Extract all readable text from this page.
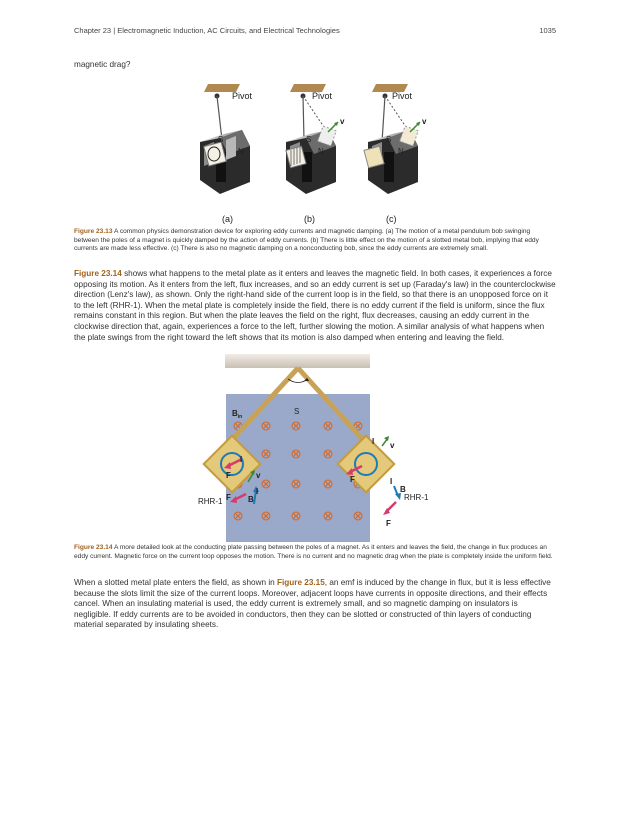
Chapter 23 | Electromagnetic Induction, AC Circuits, and Electrical Technologies	1035
magnetic drag?
Pivot
S
N
(a)
Pivot
S
N
v
(b)
Pivot
S
N
v
(c)
Figure 23.13 A common physics demonstration device for exploring eddy currents and magnetic damping. (a) The motion of a metal pendulum bob swinging between the poles of a magnet is quickly damped by the action of eddy currents. (b) There is little effect on the motion of a slotted metal bob, implying that eddy currents are made less effective. (c) There is also no magnetic damping on a nonconducting bob, since the eddy currents are extremely small.
Figure 23.14 shows what happens to the metal plate as it enters and leaves the magnetic field. In both cases, it experiences a force opposing its motion. As it enters from the left, flux increases, and so an eddy current is set up (Faraday's law) in the counterclockwise direction (Lenz's law), as shown. Only the right-hand side of the current loop is in the field, so that there is an unopposed force on it to the left (RHR-1). When the metal plate is completely inside the field, there is no eddy current if the field is uniform, since the flux remains constant in this region. But when the plate leaves the field on the right, flux decreases, causing an eddy current in the clockwise direction that, again, experiences a force to the left, further slowing the motion. A similar analysis of what happens when the plate swings from the right toward the left shows that its motion is also damped when entering and leaving the field.
$B_{in}$
S
I
F	v
I
F B
RHR-1
I v
F	I
B
RHR-1
F
Figure 23.14 A more detailed look at the conducting plate passing between the poles of a magnet. As it enters and leaves the field, the change in flux produces an eddy current. Magnetic force on the current loop opposes the motion. There is no current and no magnetic drag when the plate is completely inside the uniform field.
When a slotted metal plate enters the field, as shown in Figure 23.15, an emf is induced by the change in flux, but it is less effective because the slots limit the size of the current loops. Moreover, adjacent loops have currents in opposite directions, and their effects cancel. When an insulating material is used, the eddy current is extremely small, and so magnetic damping on insulators is negligible. If eddy currents are to be avoided in conductors, then they can be slotted or constructed of thin layers of conducting material separated by insulating sheets.
